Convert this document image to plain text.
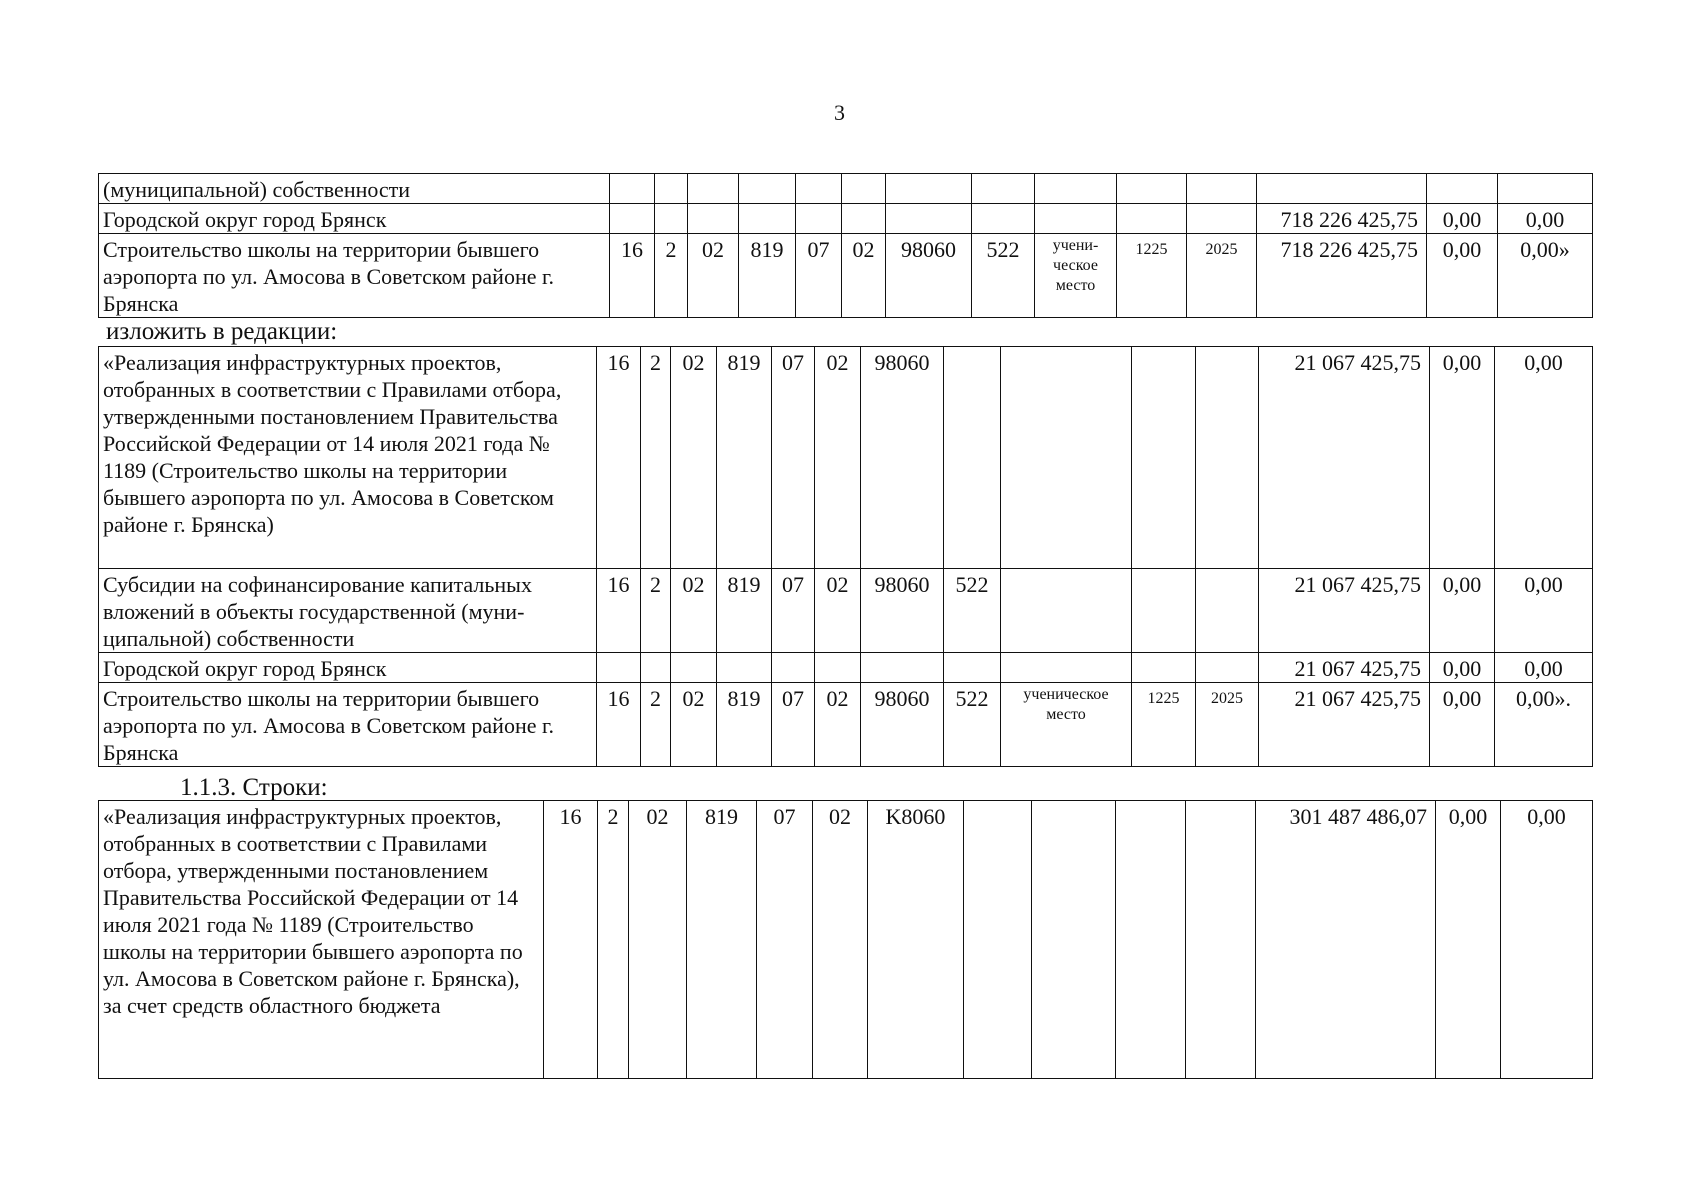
3
(муниципальной) собственности														
Городской округ город Брянск												718 226 425,75	0,00	0,00
Строительство школы на территории бывшего аэропорта по ул. Амосова в Советском районе г. Брянска	16	2	02	819	07	02	98060	522	учени-ческое место	1225	2025	718 226 425,75	0,00	0,00»
изложить в редакции:
«Реализация инфраструктурных проектов, отобранных в соответствии с Правилами отбора, утвержденными постановлением Правительства Российской Федерации от 14 июля 2021 года № 1189 (Строительство школы на территории бывшего аэропорта по ул. Амосова в Советском районе г. Брянска)	16	2	02	819	07	02	98060					21 067 425,75	0,00	0,00
Субсидии на софинансирование капитальных вложений в объекты государственной (муни-ципальной) собственности	16	2	02	819	07	02	98060	522				21 067 425,75	0,00	0,00
Городской округ город Брянск												21 067 425,75	0,00	0,00
Строительство школы на территории бывшего аэропорта по ул. Амосова в Советском районе г. Брянска	16	2	02	819	07	02	98060	522	ученическое место	1225	2025	21 067 425,75	0,00	0,00».
1.1.3. Строки:
«Реализация инфраструктурных проектов, отобранных в соответствии с Правилами отбора, утвержденными постановлением Правительства Российской Федерации от 14 июля 2021 года № 1189 (Строительство школы на территории бывшего аэропорта по ул. Амосова в Советском районе г. Брянска), за счет средств областного бюджета	16	2	02	819	07	02	K8060					301 487 486,07	0,00	0,00
